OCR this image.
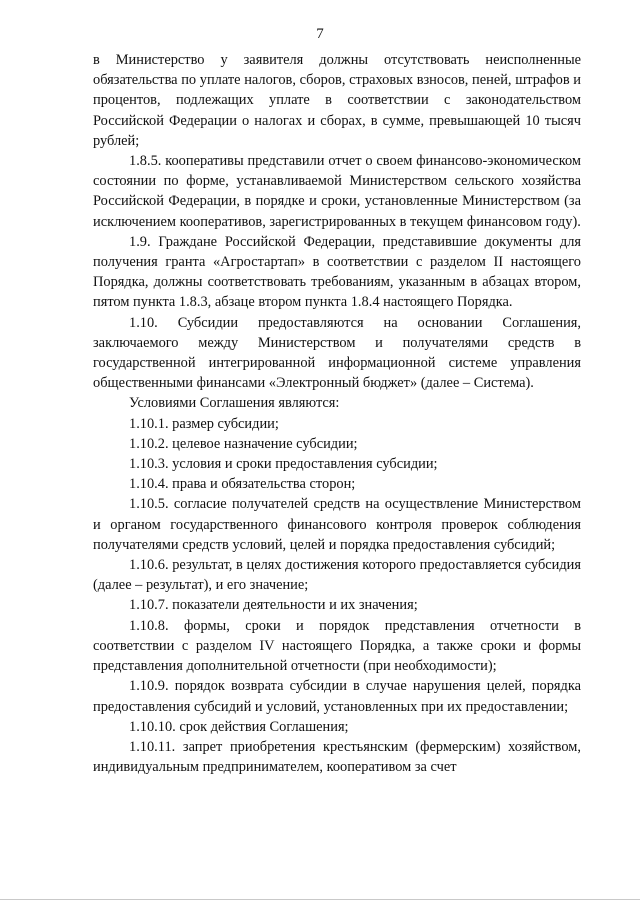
7

в Министерство у заявителя должны отсутствовать неисполненные обязательства по уплате налогов, сборов, страховых взносов, пеней, штрафов и процентов, подлежащих уплате в соответствии с законодательством Российской Федерации о налогах и сборах, в сумме, превышающей 10 тысяч рублей;

1.8.5. кооперативы представили отчет о своем финансово-экономическом состоянии по форме, устанавливаемой Министерством сельского хозяйства Российской Федерации, в порядке и сроки, установленные Министерством (за исключением кооперативов, зарегистрированных в текущем финансовом году).

1.9. Граждане Российской Федерации, представившие документы для получения гранта «Агростартап» в соответствии с разделом II настоящего Порядка, должны соответствовать требованиям, указанным в абзацах втором, пятом пункта 1.8.3, абзаце втором пункта 1.8.4 настоящего Порядка.

1.10. Субсидии предоставляются на основании Соглашения, заключаемого между Министерством и получателями средств в государственной интегрированной информационной системе управления общественными финансами «Электронный бюджет» (далее – Система).

Условиями Соглашения являются:

1.10.1. размер субсидии;

1.10.2. целевое назначение субсидии;

1.10.3. условия и сроки предоставления субсидии;

1.10.4. права и обязательства сторон;

1.10.5. согласие получателей средств на осуществление Министерством и органом государственного финансового контроля проверок соблюдения получателями средств условий, целей и порядка предоставления субсидий;

1.10.6. результат, в целях достижения которого предоставляется субсидия (далее – результат), и его значение;

1.10.7. показатели деятельности и их значения;

1.10.8. формы, сроки и порядок представления отчетности в соответствии с разделом IV настоящего Порядка, а также сроки и формы представления дополнительной отчетности (при необходимости);

1.10.9. порядок возврата субсидии в случае нарушения целей, порядка предоставления субсидий и условий, установленных при их предоставлении;

1.10.10. срок действия Соглашения;

1.10.11. запрет приобретения крестьянским (фермерским) хозяйством, индивидуальным предпринимателем, кооперативом за счет
